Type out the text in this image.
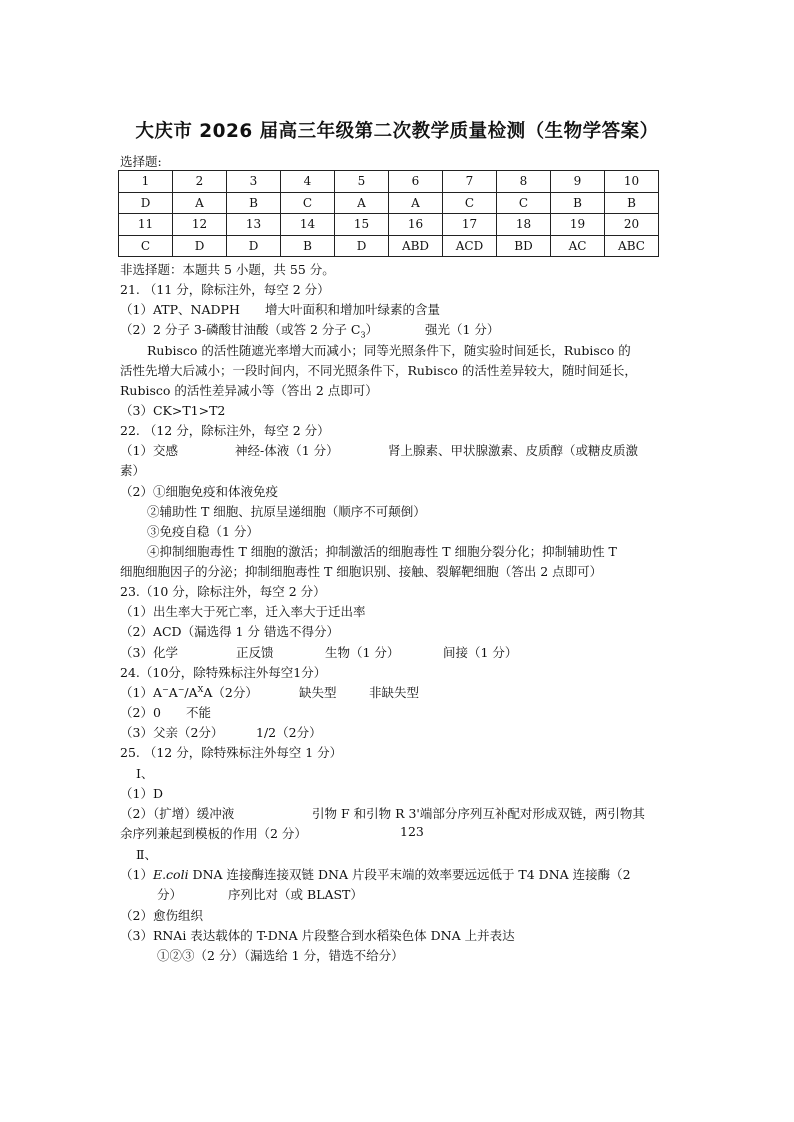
大庆市 2026 届高三年级第二次教学质量检测（生物学答案）
选择题:
1	2	3	4	5	6	7	8	9	10
D	A	B	C	A	A	C	C	B	B
11	12	13	14	15	16	17	18	19	20
C	D	D	B	D	ABD	ACD	BD	AC	ABC
非选择题：本题共 5 小题，共 55 分。
21. （11 分，除标注外，每空 2 分）
（1）ATP、NADPH 增大叶面积和增加叶绿素的含量
（2）2 分子 3-磷酸甘油酸（或答 2 分子 $C_3$）	强光（1 分）
Rubisco 的活性随遮光率增大而减小；同等光照条件下，随实验时间延长，Rubisco 的
活性先增大后减小；一段时间内，不同光照条件下，Rubisco 的活性差异较大，随时间延长，
Rubisco 的活性差异减小等（答出 2 点即可）
（3）CK>T1>T2
22. （12 分，除标注外，每空 2 分）
（1）交感	神经-体液（1 分）	肾上腺素、甲状腺激素、皮质醇（或糖皮质激
素）
（2）①细胞免疫和体液免疫
②辅助性 T 细胞、抗原呈递细胞（顺序不可颠倒）
③免疫自稳（1 分）
④抑制细胞毒性 T 细胞的激活；抑制激活的细胞毒性 T 细胞分裂分化；抑制辅助性 T
细胞细胞因子的分泌；抑制细胞毒性 T 细胞识别、接触、裂解靶细胞（答出 2 点即可）
23.（10 分，除标注外，每空 2 分）
（1）出生率大于死亡率，迁入率大于迁出率
（2）ACD（漏选得 1 分 错选不得分）
（3）化学	正反馈	生物（1 分）	间接（1 分）
24.（10分，除特殊标注外每空1分）
$(1)A^-A^-/A^XA(2$分）	缺失型	非缺失型
（2）0 不能
（3）父亲（2分）	1/2（2分）
25. （12 分，除特殊标注外每空 1 分）
Ⅰ、
（1）D
（2）（扩增）缓冲液	引物 F 和引物 R 3'端部分序列互补配对形成双链，两引物其
余序列兼起到模板的作用（2 分）	123
Ⅱ、
（1）E.coli DNA 连接酶连接双链 DNA 片段平末端的效率要远远低于 T4 DNA 连接酶（2
分）	序列比对（或 BLAST）
（2）愈伤组织
（3）RNAi 表达载体的 T-DNA 片段整合到水稻染色体 DNA 上并表达
①②③（2 分）（漏选给 1 分，错选不给分）
